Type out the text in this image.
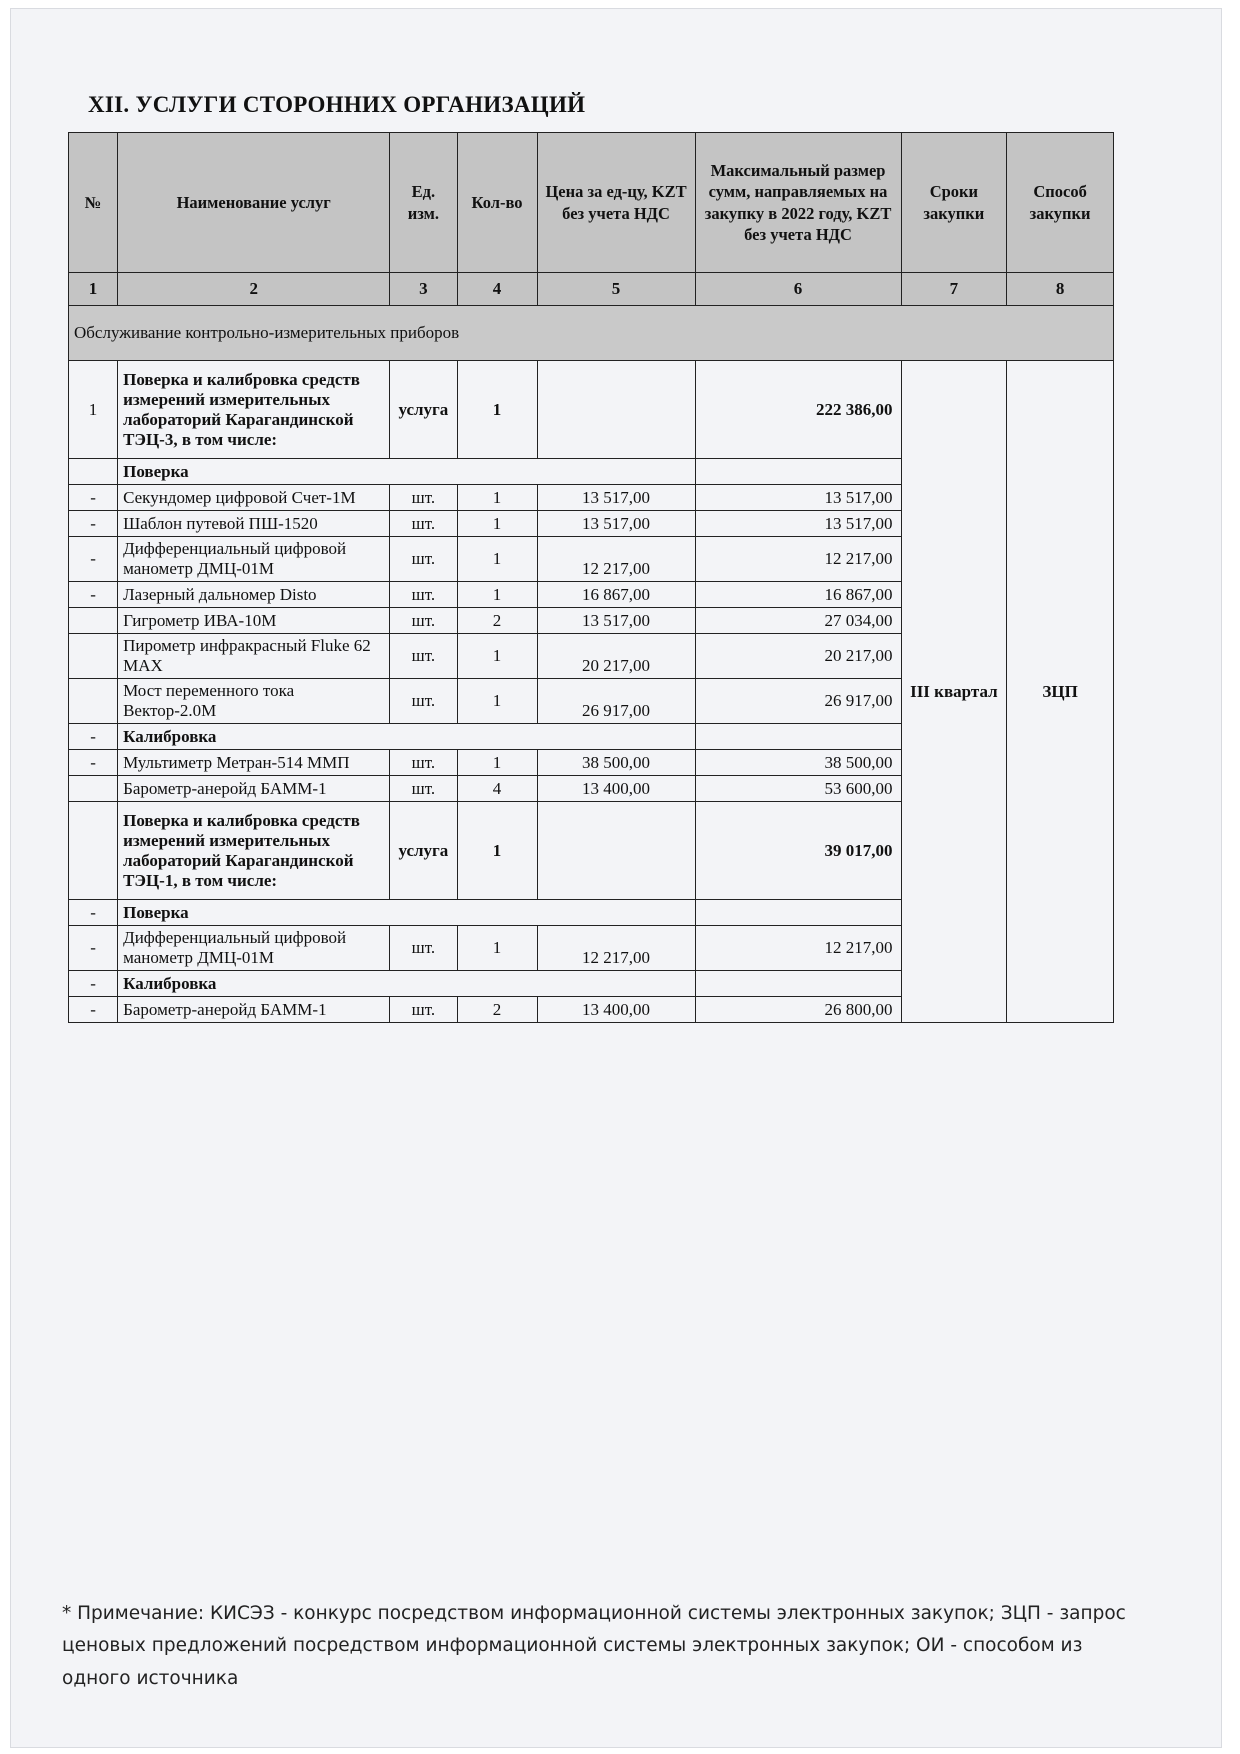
XII. УСЛУГИ СТОРОННИХ ОРГАНИЗАЦИЙ
№	Наименование услуг	Ед. изм.	Кол-во	Цена за ед-цу, KZT без учета НДС	Максимальный размер сумм, направляемых на закупку в 2022 году, KZT без учета НДС	Сроки закупки	Способ закупки
1	2	3	4	5	6	7	8
Обслуживание контрольно-измерительных приборов							
1	Поверка и калибровка средств измерений измерительных лабораторий Карагандинской ТЭЦ-3, в том числе:	услуга	1		222 386,00	III квартал	ЗЦП
	Поверка						
-	Секундомер цифровой Счет-1М	шт.	1	13 517,00	13 517,00		
-	Шаблон путевой ПШ-1520	шт.	1	13 517,00	13 517,00		
-	Дифференциальный цифровой манометр ДМЦ-01М	шт.	1	12 217,00	12 217,00		
-	Лазерный дальномер Disto	шт.	1	16 867,00	16 867,00		
	Гигрометр ИВА-10М	шт.	2	13 517,00	27 034,00		
	Пирометр инфракрасный Fluke 62 MAX	шт.	1	20 217,00	20 217,00		
	Мост переменного тока Вектор-2.0М	шт.	1	26 917,00	26 917,00		
-	Калибровка						
-	Мультиметр Метран-514 ММП	шт.	1	38 500,00	38 500,00		
	Барометр-анеройд БАММ-1	шт.	4	13 400,00	53 600,00		
	Поверка и калибровка средств измерений измерительных лабораторий Карагандинской ТЭЦ-1, в том числе:	услуга	1		39 017,00		
-	Поверка						
-	Дифференциальный цифровой манометр ДМЦ-01М	шт.	1	12 217,00	12 217,00		
-	Калибровка						
-	Барометр-анеройд БАММ-1	шт.	2	13 400,00	26 800,00		
* Примечание: КИСЭЗ - конкурс посредством информационной системы электронных закупок; ЗЦП - запрос ценовых предложений посредством информационной системы электронных закупок; ОИ - способом из одного источника
